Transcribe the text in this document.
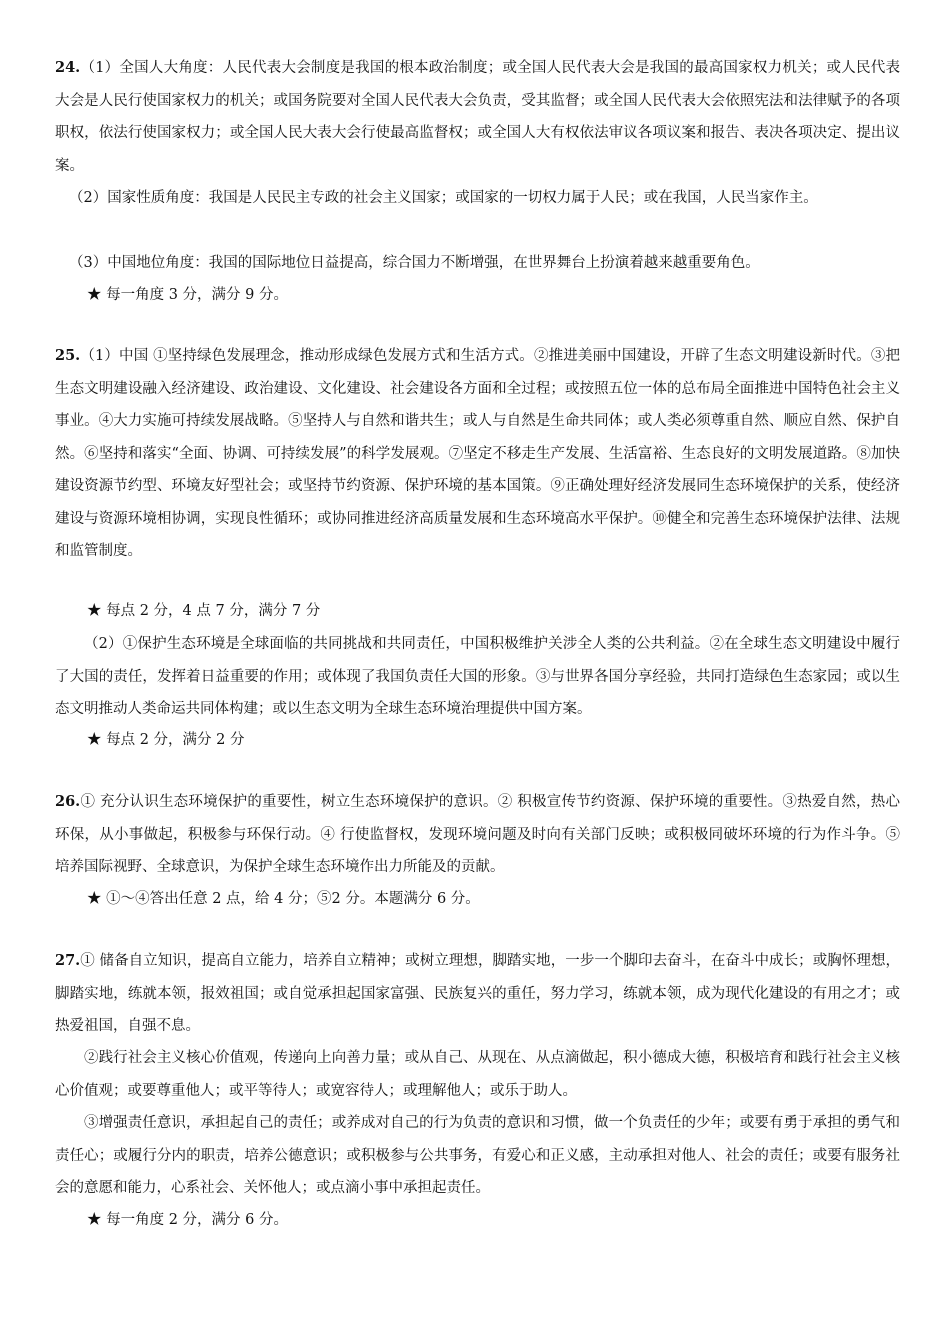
24.（1）全国人大角度：人民代表大会制度是我国的根本政治制度；或全国人民代表大会是我国的最高国家权力机关；或人民代表大会是人民行使国家权力的机关；或国务院要对全国人民代表大会负责，受其监督；或全国人民代表大会依照宪法和法律赋予的各项职权，依法行使国家权力；或全国人民大表大会行使最高监督权；或全国人大有权依法审议各项议案和报告、表决各项决定、提出议案。

（2）国家性质角度：我国是人民民主专政的社会主义国家；或国家的一切权力属于人民；或在我国，人民当家作主。

（3）中国地位角度：我国的国际地位日益提高，综合国力不断增强，在世界舞台上扮演着越来越重要角色。

★ 每一角度 3 分，满分 9 分。

25.（1）中国 ①坚持绿色发展理念，推动形成绿色发展方式和生活方式。②推进美丽中国建设，开辟了生态文明建设新时代。③把生态文明建设融入经济建设、政治建设、文化建设、社会建设各方面和全过程；或按照五位一体的总布局全面推进中国特色社会主义事业。④大力实施可持续发展战略。⑤坚持人与自然和谐共生；或人与自然是生命共同体；或人类必须尊重自然、顺应自然、保护自然。⑥坚持和落实“全面、协调、可持续发展”的科学发展观。⑦坚定不移走生产发展、生活富裕、生态良好的文明发展道路。⑧加快建设资源节约型、环境友好型社会；或坚持节约资源、保护环境的基本国策。⑨正确处理好经济发展同生态环境保护的关系，使经济建设与资源环境相协调，实现良性循环；或协同推进经济高质量发展和生态环境高水平保护。⑩健全和完善生态环境保护法律、法规和监管制度。

★ 每点 2 分，4 点 7 分，满分 7 分

（2）①保护生态环境是全球面临的共同挑战和共同责任，中国积极维护关涉全人类的公共利益。②在全球生态文明建设中履行了大国的责任，发挥着日益重要的作用；或体现了我国负责任大国的形象。③与世界各国分享经验，共同打造绿色生态家园；或以生态文明推动人类命运共同体构建；或以生态文明为全球生态环境治理提供中国方案。

★ 每点 2 分，满分 2 分

26.① 充分认识生态环境保护的重要性，树立生态环境保护的意识。② 积极宣传节约资源、保护环境的重要性。③热爱自然，热心环保，从小事做起，积极参与环保行动。④ 行使监督权，发现环境问题及时向有关部门反映；或积极同破坏环境的行为作斗争。⑤培养国际视野、全球意识，为保护全球生态环境作出力所能及的贡献。

★ ①～④答出任意 2 点，给 4 分；⑤2 分。本题满分 6 分。

27.① 储备自立知识，提高自立能力，培养自立精神；或树立理想，脚踏实地，一步一个脚印去奋斗，在奋斗中成长；或胸怀理想，脚踏实地，练就本领，报效祖国；或自觉承担起国家富强、民族复兴的重任，努力学习，练就本领，成为现代化建设的有用之才；或热爱祖国，自强不息。

②践行社会主义核心价值观，传递向上向善力量；或从自己、从现在、从点滴做起，积小德成大德，积极培育和践行社会主义核心价值观；或要尊重他人；或平等待人；或宽容待人；或理解他人；或乐于助人。

③增强责任意识，承担起自己的责任；或养成对自己的行为负责的意识和习惯，做一个负责任的少年；或要有勇于承担的勇气和责任心；或履行分内的职责，培养公德意识；或积极参与公共事务，有爱心和正义感，主动承担对他人、社会的责任；或要有服务社会的意愿和能力，心系社会、关怀他人；或点滴小事中承担起责任。

★ 每一角度 2 分，满分 6 分。
